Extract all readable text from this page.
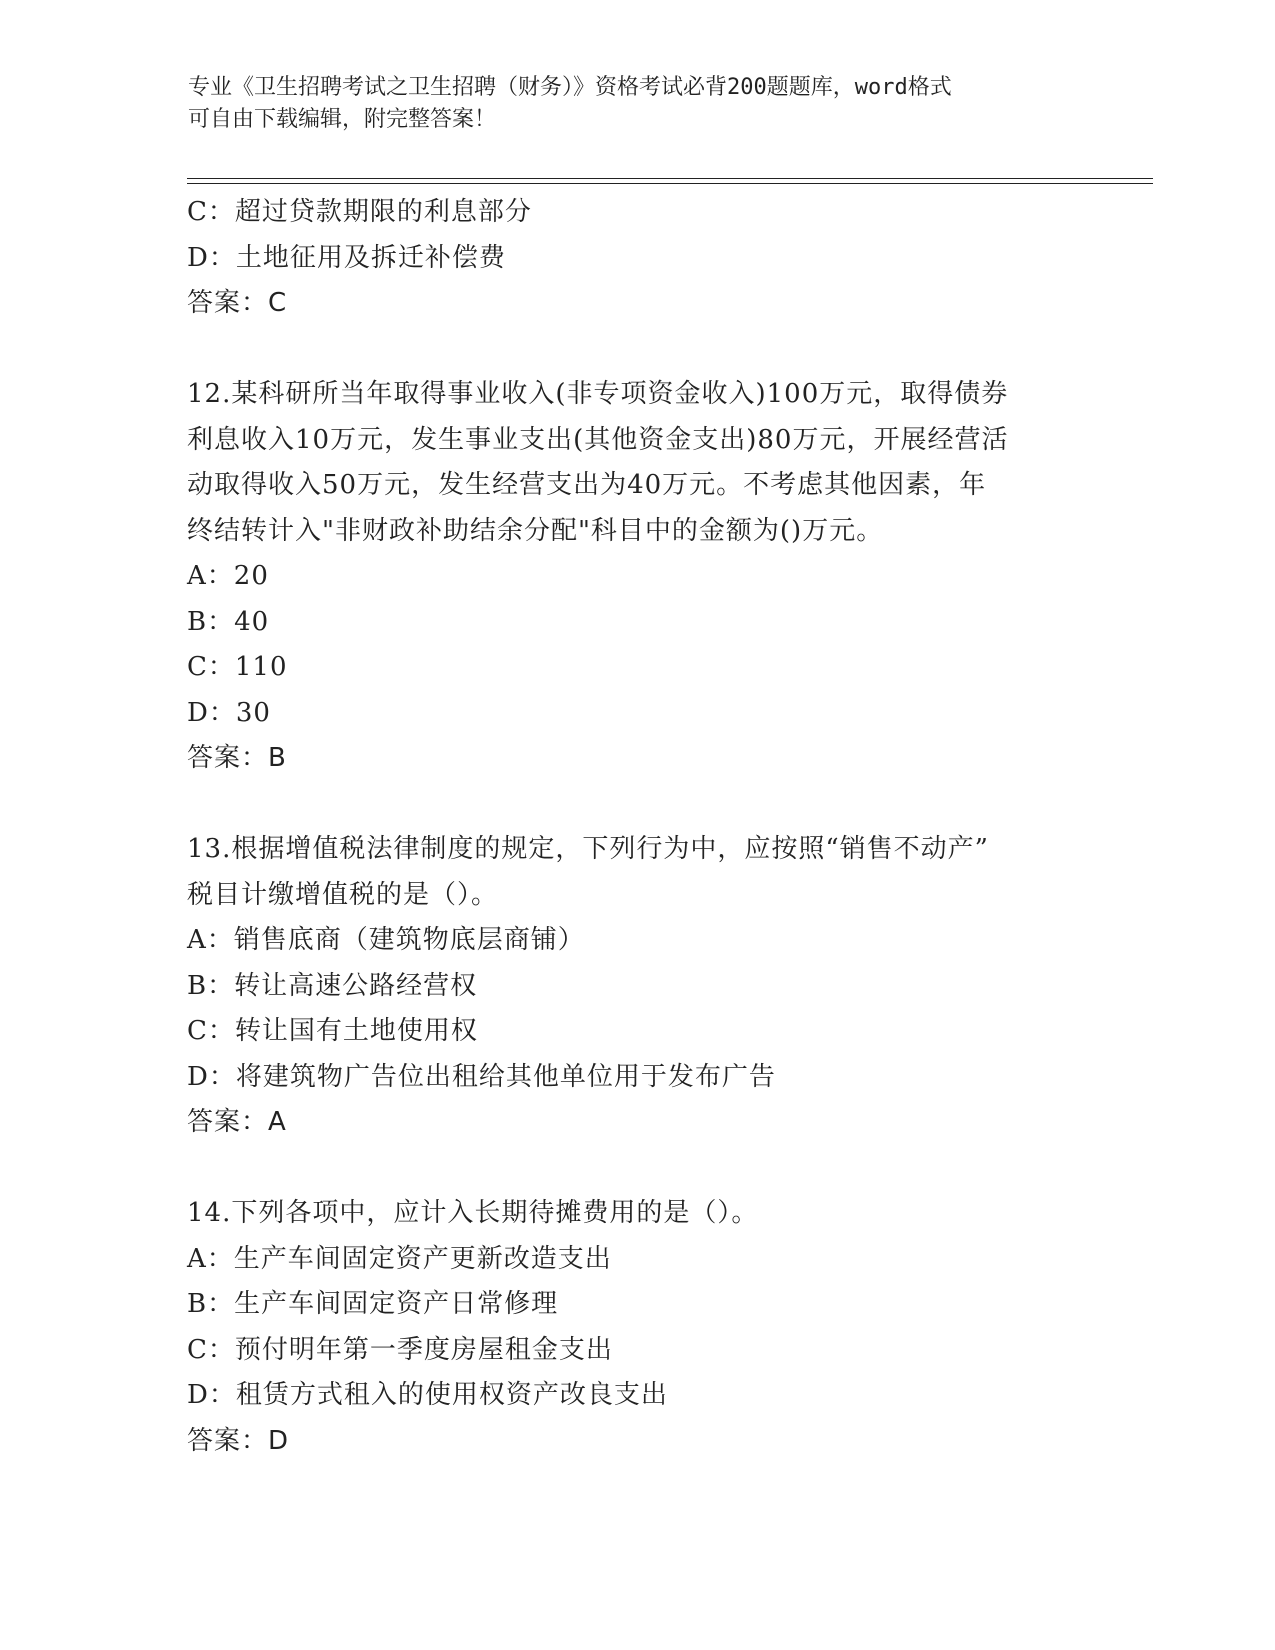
专业《卫生招聘考试之卫生招聘（财务）》资格考试必背200题题库，word格式
可自由下载编辑，附完整答案！
C：超过贷款期限的利息部分
D：土地征用及拆迁补偿费
答案：C
12.某科研所当年取得事业收入(非专项资金收入)100万元，取得债券
利息收入10万元，发生事业支出(其他资金支出)80万元，开展经营活
动取得收入50万元，发生经营支出为40万元。不考虑其他因素，年
终结转计入"非财政补助结余分配"科目中的金额为()万元。
A：20
B：40
C：110
D：30
答案：B
13.根据增值税法律制度的规定，下列行为中，应按照“销售不动产”
税目计缴增值税的是（）。
A：销售底商（建筑物底层商铺）
B：转让高速公路经营权
C：转让国有土地使用权
D：将建筑物广告位出租给其他单位用于发布广告
答案：A
14.下列各项中，应计入长期待摊费用的是（）。
A：生产车间固定资产更新改造支出
B：生产车间固定资产日常修理
C：预付明年第一季度房屋租金支出
D：租赁方式租入的使用权资产改良支出
答案：D
